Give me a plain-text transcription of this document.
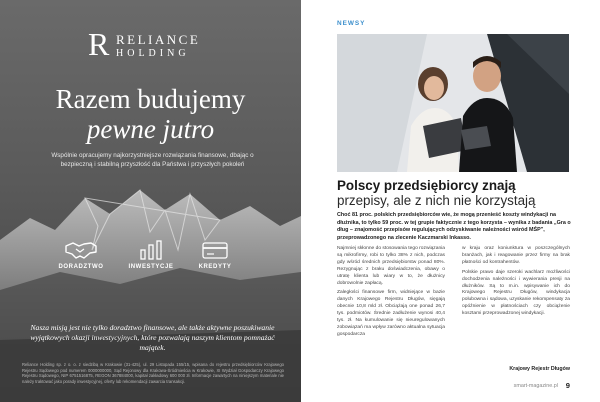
R RELIANCE
HOLDING
Razem budujemy
pewne jutro
Wspólnie opracujemy najkorzystniejsze rozwiązania finansowe, dbając o bezpieczną i stabilną przyszłość dla Państwa i przyszłych pokoleń
DORADZTWO	INWESTYCJE	KREDYTY
Nasza misją jest nie tylko doradztwo finansowe, ale także aktywne poszukiwanie wyjątkowych okazji inwestycyjnych, które pozwalają naszym klientom pomnażać majątek.
Reliance Holding sp. z o. o. z siedzibą w Krakowie (31-425), ul. 29 Listopada 155/15, wpisana do rejestru przedsiębiorców Krajowego Rejestru Sądowego pod numerem 0000000000, Sąd Rejonowy dla Krakowa-Śródmieścia w Krakowie, XI Wydział Gospodarczy Krajowego Rejestru Sądowego, NIP 6751516875, REGON 367884000, kapitał zakładowy 600 000 zł. Informacje zawartych na niniejszym materiale nie należy traktować jako porady inwestycyjnej, oferty lub rekomendacji zawarcia transakcji.
NEWSY
Polscy przedsiębiorcy znają
przepisy, ale z nich nie korzystają
Choć 81 proc. polskich przedsiębiorców wie, że mogą przenieść koszty windykacji na dłużnika, to tylko 59 proc. w tej grupie faktycznie z tego korzysta – wynika z badania „Gra o dług – znajomość przepisów regulujących odzyskiwanie należności wśród MŚP", przeprowadzonego na zlecenie Kaczmarski Inkasso.

Najmniej skłonne do stosowania tego rozwiązania są mikrofirmy, robi to tylko 38% z nich, podczas gdy wśród średnich przedsiębiorstw ponad 80%. Rezygnując z braku doświadczenia, obawy o utratę klienta lub wiary w to, że dłużnicy dobrowolnie zapłacą.

Zaległości finansowe firm, widniejące w bazie danych Krajowego Rejestru Długów, sięgają obecnie 10,8 mld zł. Obciążają one ponad 26,7 tys. podmiotów. Średnie zadłużenie wynosi 40,4 tys. zł. Na kumulowanie się nieuregulowanych zobowiązań ma wpływ zarówno aktualna sytuacja gospodarcza

w kraju oraz koniunktura w poszczególnych branżach, jak i reagowanie przez firmy na brak płatności od kontrahentów.

Polskie prawo daje szeroki wachlarz możliwości dochodzenia należności i wywierania presji na dłużników. Są to m.in. wpisywanie ich do Krajowego Rejestru Długów, windykacja polubowna i sądowa, uzyskanie rekompensaty za opóźnienie w płatnościach czy obciążenie kosztami przeprowadzonej windykacji.

Krajowy Rejestr Długów
smart-magazine.pl 9
